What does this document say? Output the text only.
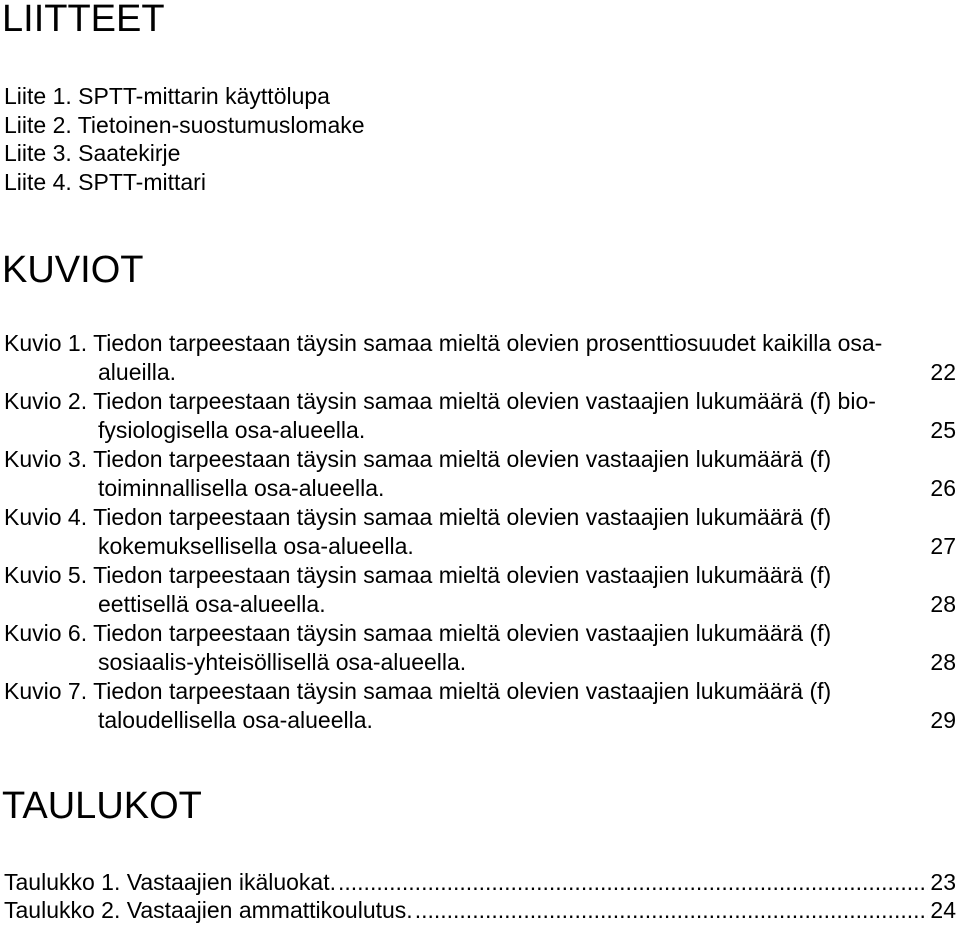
LIITTEET
Liite 1. SPTT-mittarin käyttölupa
Liite 2. Tietoinen-suostumuslomake
Liite 3. Saatekirje
Liite 4. SPTT-mittari
KUVIOT
Kuvio 1. Tiedon tarpeestaan täysin samaa mieltä olevien prosenttiosuudet kaikilla osa-
alueilla.	22
Kuvio 2. Tiedon tarpeestaan täysin samaa mieltä olevien vastaajien lukumäärä (f) bio-
fysiologisella osa-alueella.	25
Kuvio 3. Tiedon tarpeestaan täysin samaa mieltä olevien vastaajien lukumäärä (f)
toiminnallisella osa-alueella.	26
Kuvio 4. Tiedon tarpeestaan täysin samaa mieltä olevien vastaajien lukumäärä (f)
kokemuksellisella osa-alueella.	27
Kuvio 5. Tiedon tarpeestaan täysin samaa mieltä olevien vastaajien lukumäärä (f)
eettisellä osa-alueella.	28
Kuvio 6. Tiedon tarpeestaan täysin samaa mieltä olevien vastaajien lukumäärä (f)
sosiaalis-yhteisöllisellä osa-alueella.	28
Kuvio 7. Tiedon tarpeestaan täysin samaa mieltä olevien vastaajien lukumäärä (f)
taloudellisella osa-alueella.	29
TAULUKOT
Taulukko 1. Vastaajien ikäluokat. .....	23
Taulukko 2. Vastaajien ammattikoulutus. .....	24
